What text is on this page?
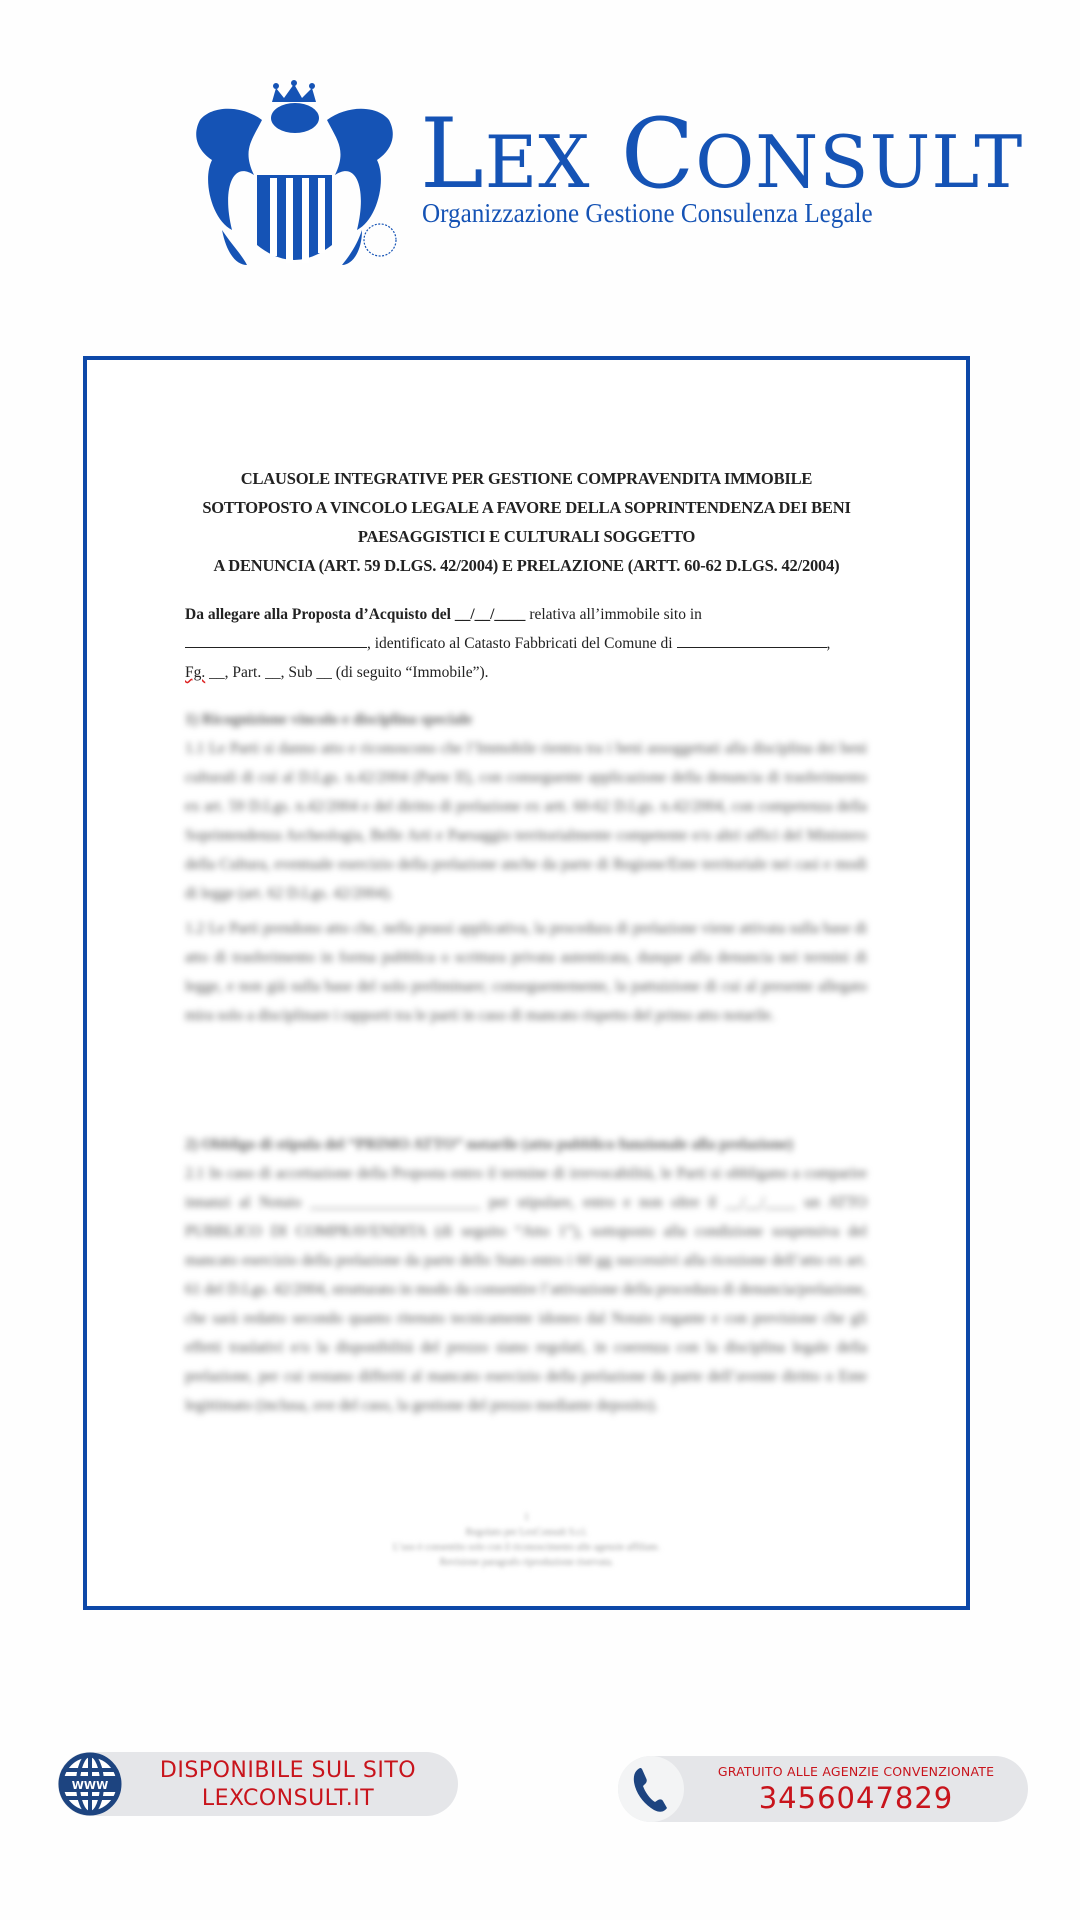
LEX CONSULT
Organizzazione Gestione Consulenza Legale
CLAUSOLE INTEGRATIVE PER GESTIONE COMPRAVENDITA IMMOBILE
SOTTOPOSTO A VINCOLO LEGALE A FAVORE DELLA SOPRINTENDENZA DEI BENI
PAESAGGISTICI E CULTURALI SOGGETTO
A DENUNCIA (ART. 59 D.LGS. 42/2004) E PRELAZIONE (ARTT. 60-62 D.LGS. 42/2004)
Da allegare alla Proposta d’Acquisto del __/__/____ relativa all’immobile sito in
, identificato al Catasto Fabbricati del Comune di	,
Fg. __, Part. __, Sub __ (di seguito “Immobile”).
1) Ricognizione vincolo e disciplina speciale
1.1 Le Parti si danno atto e riconoscono che l’Immobile rientra tra i beni assoggettati alla disciplina dei beni culturali di cui al D.Lgs. n.42/2004 (Parte II), con conseguente applicazione della denuncia di trasferimento ex art. 59 D.Lgs. n.42/2004 e del diritto di prelazione ex artt. 60-62 D.Lgs. n.42/2004, con competenza della Soprintendenza Archeologia, Belle Arti e Paesaggio territorialmente competente e/o altri uffici del Ministero della Cultura, eventuale esercizio della prelazione anche da parte di Regione/Ente territoriale nei casi e modi di legge (art. 62 D.Lgs. 42/2004).
1.2 Le Parti prendono atto che, nella prassi applicativa, la procedura di prelazione viene attivata sulla base di atto di trasferimento in forma pubblica o scrittura privata autenticata, dunque alla denuncia nei termini di legge, e non già sulla base del solo preliminare; conseguentemente, la pattuizione di cui al presente allegato mira solo a disciplinare i rapporti tra le parti in caso di mancato rispetto del primo atto notarile.
2) Obbligo di stipula del “PRIMO ATTO” notarile (atto pubblico funzionale alla prelazione)
2.1 In caso di accettazione della Proposta entro il termine di irrevocabilità, le Parti si obbligano a comparire innanzi al Notaio ______________________ per stipulare, entro e non oltre il __/__/____ un ATTO PUBBLICO DI COMPRAVENDITA (di seguito “Atto 1”), sottoposto alla condizione sospensiva del mancato esercizio della prelazione da parte dello Stato entro i 60 gg successivi alla ricezione dell’atto ex art. 61 del D.Lgs. 42/2004, strutturato in modo da consentire l’attivazione della procedura di denuncia/prelazione, che sarà redatto secondo quanto ritenuto tecnicamente idoneo dal Notaio rogante e con previsione che gli effetti traslativi e/o la disponibilità del prezzo siano regolati, in coerenza con la disciplina legale della prelazione, per cui restano differiti al mancato esercizio della prelazione da parte dell’avente diritto o Ente legittimato (inclusa, ove del caso, la gestione del prezzo mediante deposito).
1
Regolato per LexConsult S.r.l.
L’uso è consentito solo con il riconoscimento alle agenzie affiliate.
Revisione paragrafo riproduzione riservata.
WWW
DISPONIBILE SUL SITO
LEXCONSULT.IT
GRATUITO ALLE AGENZIE CONVENZIONATE
3456047829
